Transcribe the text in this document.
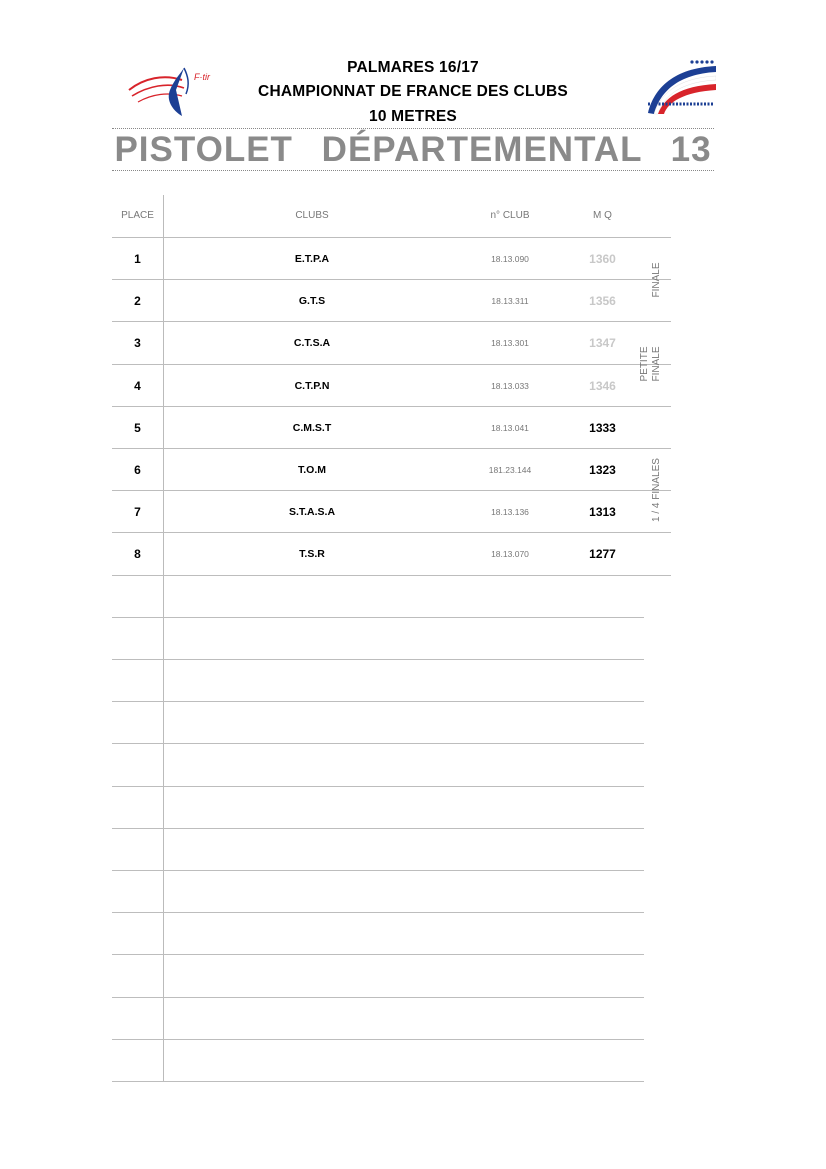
F·tir
PALMARES 16/17
CHAMPIONNAT DE FRANCE DES CLUBS
10 METRES
PISTOLET DÉPARTEMENTAL 13
PLACE	CLUBS	n° CLUB	M Q
1	E.T.P.A	18.13.090	1360
2	G.T.S	18.13.311	1356
3	C.T.S.A	18.13.301	1347
4	C.T.P.N	18.13.033	1346
5	C.M.S.T	18.13.041	1333
6	T.O.M	181.23.144	1323
7	S.T.A.S.A	18.13.136	1313
8	T.S.R	18.13.070	1277
FINALE
PETITE FINALE
1 / 4 FINALES
